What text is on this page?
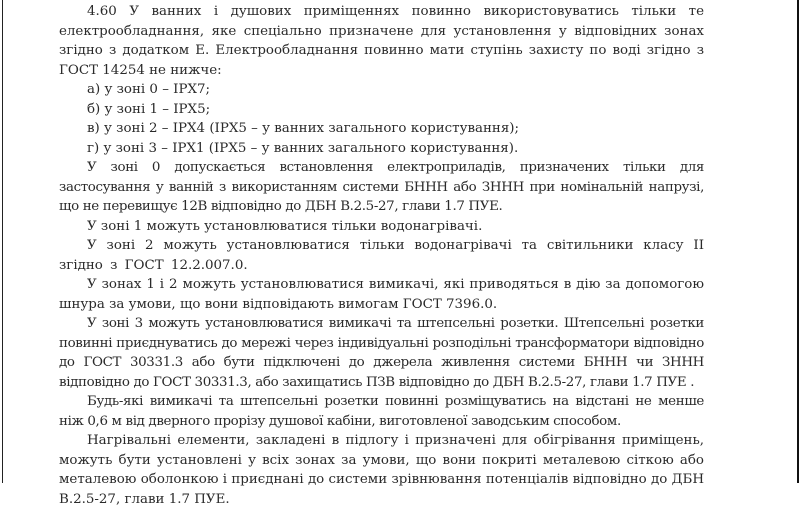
4.60 У ванних і душових приміщеннях повинно використовуватись тільки те електрообладнання, яке спеціально призначене для установлення у відповідних зонах згідно з додатком Е. Електрообладнання повинно мати ступінь захисту по воді згідно з ГОСТ 14254 не нижче:

а) у зоні 0 – IPX7;

б) у зоні 1 – IPX5;

в) у зоні 2 – IPX4 (IPX5 – у ванних загального користування);

г) у зоні 3 – IPX1 (IPX5 – у ванних загального користування).

У зоні 0 допускається встановлення електроприладів, призначених тільки для застосування у ванній з використанням системи БННН або ЗННН при номінальній напрузі, що не перевищує 12В відповідно до ДБН В.2.5-27, глави 1.7 ПУЕ.

У зоні 1 можуть установлюватися тільки водонагрівачі.

У зоні 2 можуть установлюватися тільки водонагрівачі та світильники класу II згідно з ГОСТ 12.2.007.0.

У зонах 1 і 2 можуть установлюватися вимикачі, які приводяться в дію за допомогою шнура за умови, що вони відповідають вимогам ГОСТ 7396.0.

У зоні 3 можуть установлюватися вимикачі та штепсельні розетки. Штепсельні розетки повинні приєднуватись до мережі через індивідуальні розподільні трансформатори відповідно до ГОСТ 30331.3 або бути підключені до джерела живлення системи БННН чи ЗННН відповідно до ГОСТ 30331.3, або захищатись ПЗВ відповідно до ДБН В.2.5-27, глави 1.7 ПУЕ .

Будь-які вимикачі та штепсельні розетки повинні розміщуватись на відстані не менше ніж 0,6 м від дверного прорізу душової кабіни, виготовленої заводським способом.

Нагрівальні елементи, закладені в підлогу і призначені для обігрівання приміщень, можуть бути установлені у всіх зонах за умови, що вони покриті металевою сіткою або металевою оболонкою і приєднані до системи зрівнювання потенціалів відповідно до ДБН В.2.5-27, глави 1.7 ПУЕ.
